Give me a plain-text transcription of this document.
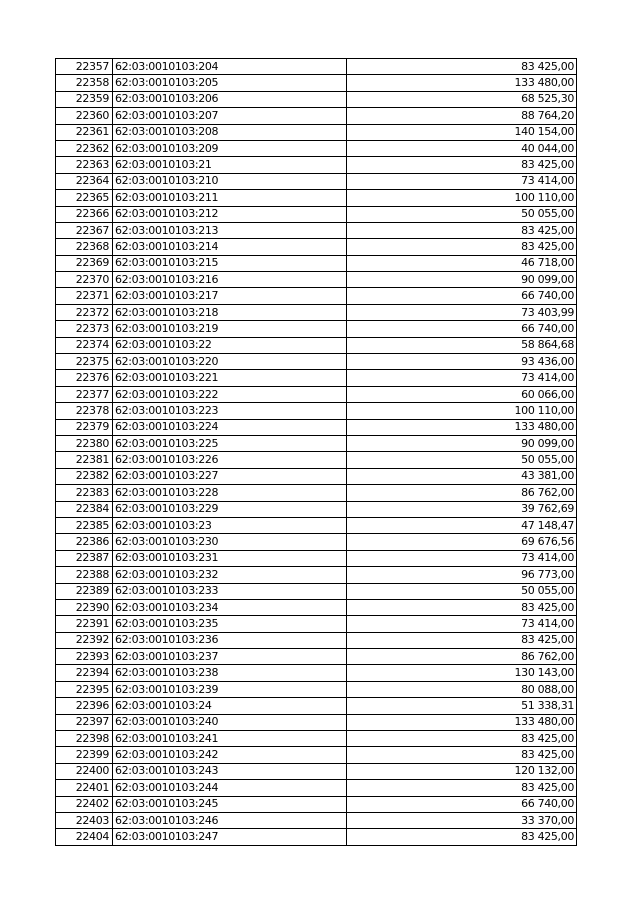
22357	62:03:0010103:204	83 425,00
22358	62:03:0010103:205	133 480,00
22359	62:03:0010103:206	68 525,30
22360	62:03:0010103:207	88 764,20
22361	62:03:0010103:208	140 154,00
22362	62:03:0010103:209	40 044,00
22363	62:03:0010103:21	83 425,00
22364	62:03:0010103:210	73 414,00
22365	62:03:0010103:211	100 110,00
22366	62:03:0010103:212	50 055,00
22367	62:03:0010103:213	83 425,00
22368	62:03:0010103:214	83 425,00
22369	62:03:0010103:215	46 718,00
22370	62:03:0010103:216	90 099,00
22371	62:03:0010103:217	66 740,00
22372	62:03:0010103:218	73 403,99
22373	62:03:0010103:219	66 740,00
22374	62:03:0010103:22	58 864,68
22375	62:03:0010103:220	93 436,00
22376	62:03:0010103:221	73 414,00
22377	62:03:0010103:222	60 066,00
22378	62:03:0010103:223	100 110,00
22379	62:03:0010103:224	133 480,00
22380	62:03:0010103:225	90 099,00
22381	62:03:0010103:226	50 055,00
22382	62:03:0010103:227	43 381,00
22383	62:03:0010103:228	86 762,00
22384	62:03:0010103:229	39 762,69
22385	62:03:0010103:23	47 148,47
22386	62:03:0010103:230	69 676,56
22387	62:03:0010103:231	73 414,00
22388	62:03:0010103:232	96 773,00
22389	62:03:0010103:233	50 055,00
22390	62:03:0010103:234	83 425,00
22391	62:03:0010103:235	73 414,00
22392	62:03:0010103:236	83 425,00
22393	62:03:0010103:237	86 762,00
22394	62:03:0010103:238	130 143,00
22395	62:03:0010103:239	80 088,00
22396	62:03:0010103:24	51 338,31
22397	62:03:0010103:240	133 480,00
22398	62:03:0010103:241	83 425,00
22399	62:03:0010103:242	83 425,00
22400	62:03:0010103:243	120 132,00
22401	62:03:0010103:244	83 425,00
22402	62:03:0010103:245	66 740,00
22403	62:03:0010103:246	33 370,00
22404	62:03:0010103:247	83 425,00
